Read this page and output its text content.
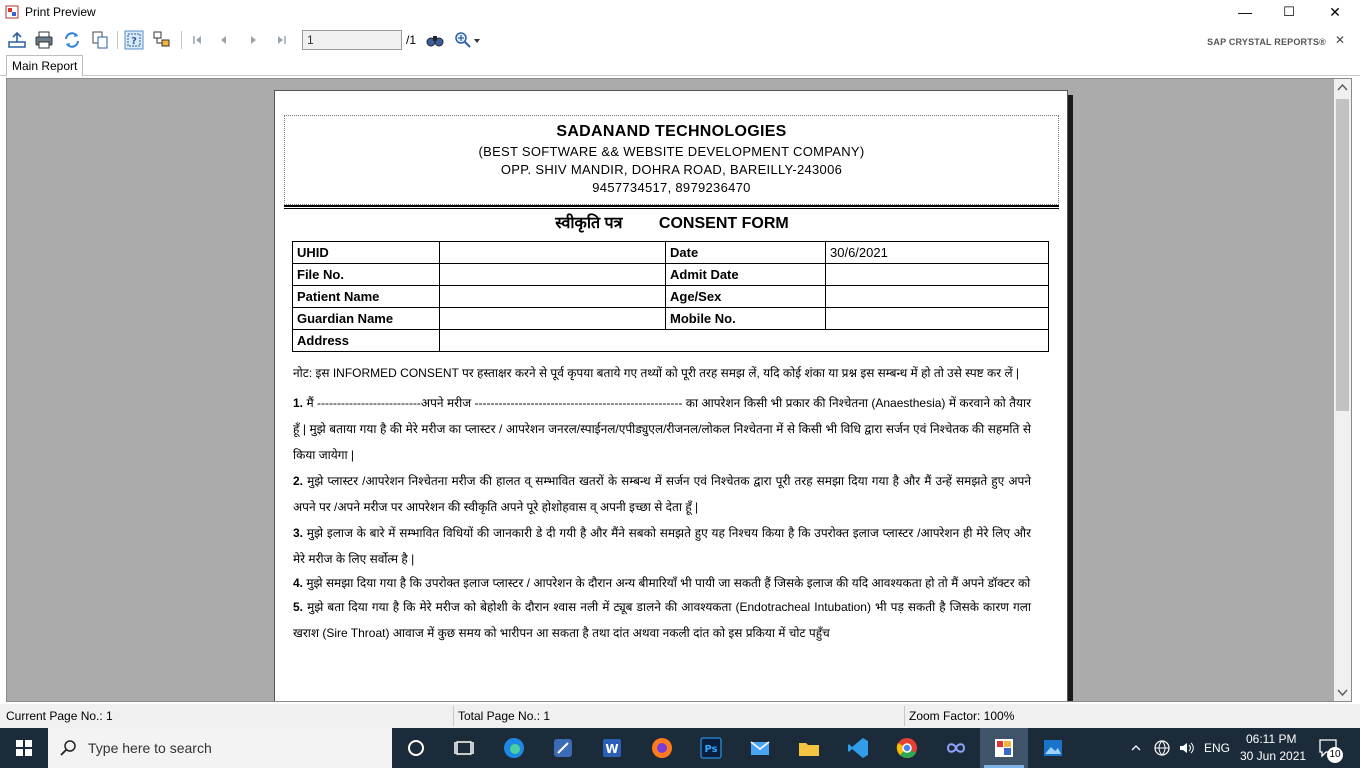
Print Preview	—	☐	✕
?	1	/1	SAP CRYSTAL REPORTS® ✕
Main Report
SADANAND TECHNOLOGIES
(BEST SOFTWARE && WEBSITE DEVELOPMENT COMPANY)
OPP. SHIV MANDIR, DOHRA ROAD, BAREILLY-243006
9457734517, 8979236470
स्वीकृति पत्र CONSENT FORM
UHID		Date	30/6/2021
File No.		Admit Date	
Patient Name		Age/Sex	
Guardian Name		Mobile No.	
Address			

नोट: इस INFORMED CONSENT पर हस्ताक्षर करने से पूर्व कृपया बताये गए तथ्यों को पूरी तरह समझ लें, यदि कोई शंका या प्रश्न इस सम्बन्ध में हो तो उसे स्पष्ट कर लें |

1. मैं --------------------------अपने मरीज ---------------------------------------------------- का आपरेशन किसी भी प्रकार की निश्चेतना (Anaesthesia) में करवाने को तैयार हूँ | मुझे बताया गया है की मेरे मरीज का प्लास्टर / आपरेशन जनरल/स्पाईनल/एपीड्युएल/रीजनल/लोकल निश्चेतना में से किसी भी विधि द्वारा सर्जन एवं निश्चेतक की सहमति से किया जायेगा |

2. मुझे प्लास्टर /आपरेशन निश्चेतना मरीज की हालत व् सम्भावित खतरों के सम्बन्ध में सर्जन एवं निश्चेतक द्वारा पूरी तरह समझा दिया गया है और मैं उन्हें समझते हुए अपने अपने पर /अपने मरीज पर आपरेशन की स्वीकृति अपने पूरे होशोहवास व् अपनी इच्छा से देता हूँ |

3. मुझे इलाज के बारे में सम्भावित विधियों की जानकारी डे दी गयी है और मैंने सबको समझते हुए यह निश्चय किया है कि उपरोक्त इलाज प्लास्टर /आपरेशन ही मेरे लिए और मेरे मरीज के लिए सर्वोत्म है |

4. मुझे समझा दिया गया है कि उपरोक्त इलाज प्लास्टर / आपरेशन के दौरान अन्य बीमारियाँ भी पायी जा सकती हैं जिसके इलाज की यदि आवश्यकता हो तो मैं अपने डॉक्टर को

5. मुझे बता दिया गया है कि मेरे मरीज को बेहोशी के दौरान श्वास नली में ट्यूब डालने की आवश्यकता (Endotracheal Intubation) भी पड़ सकती है जिसके कारण गला खराश (Sire Throat) आवाज में कुछ समय को भारीपन आ सकता है तथा दांत अथवा नकली दांत को इस प्रकिया में चोट पहुँच

Current Page No.: 1	Total Page No.: 1	Zoom Factor: 100%
Type here to search	W	Ps	ENG
06:11 PM
30 Jun 2021 10
